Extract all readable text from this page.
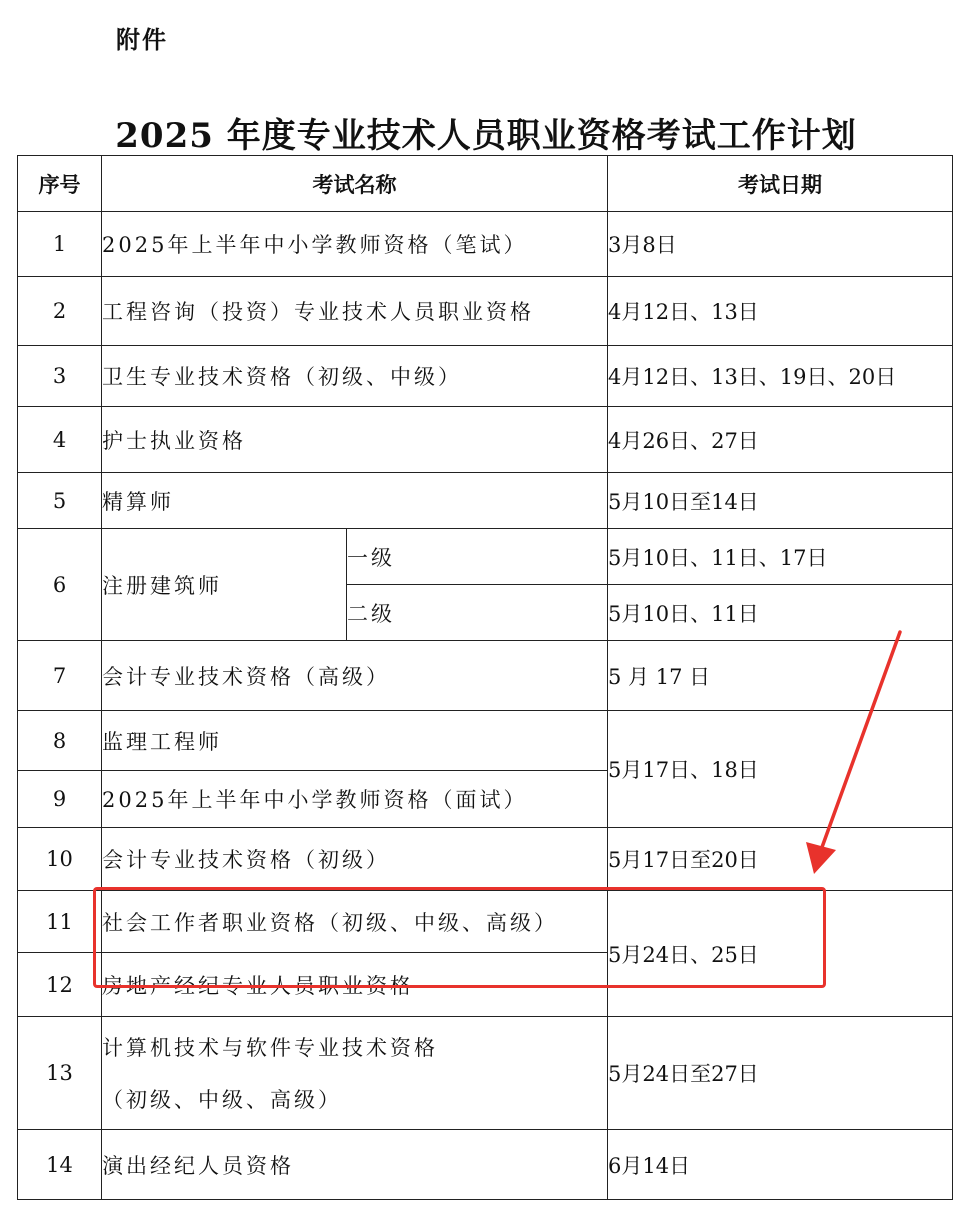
附件
2025 年度专业技术人员职业资格考试工作计划
序号	考试名称		考试日期
1	2025年上半年中小学教师资格（笔试）		3月8日
2	工程咨询（投资）专业技术人员职业资格		4月12日、13日
3	卫生专业技术资格（初级、中级）		4月12日、13日、19日、20日
4	护士执业资格		4月26日、27日
5	精算师		5月10日至14日
6	注册建筑师	一级	5月10日、11日、17日
		二级	5月10日、11日
7	会计专业技术资格（高级）		5 月 17 日
8	监理工程师		5月17日、18日
9	2025年上半年中小学教师资格（面试）		
10	会计专业技术资格（初级）		5月17日至20日
11	社会工作者职业资格（初级、中级、高级）		5月24日、25日
12	房地产经纪专业人员职业资格		
13	计算机技术与软件专业技术资格
（初级、中级、高级）		5月24日至27日
14	演出经纪人员资格		6月14日
